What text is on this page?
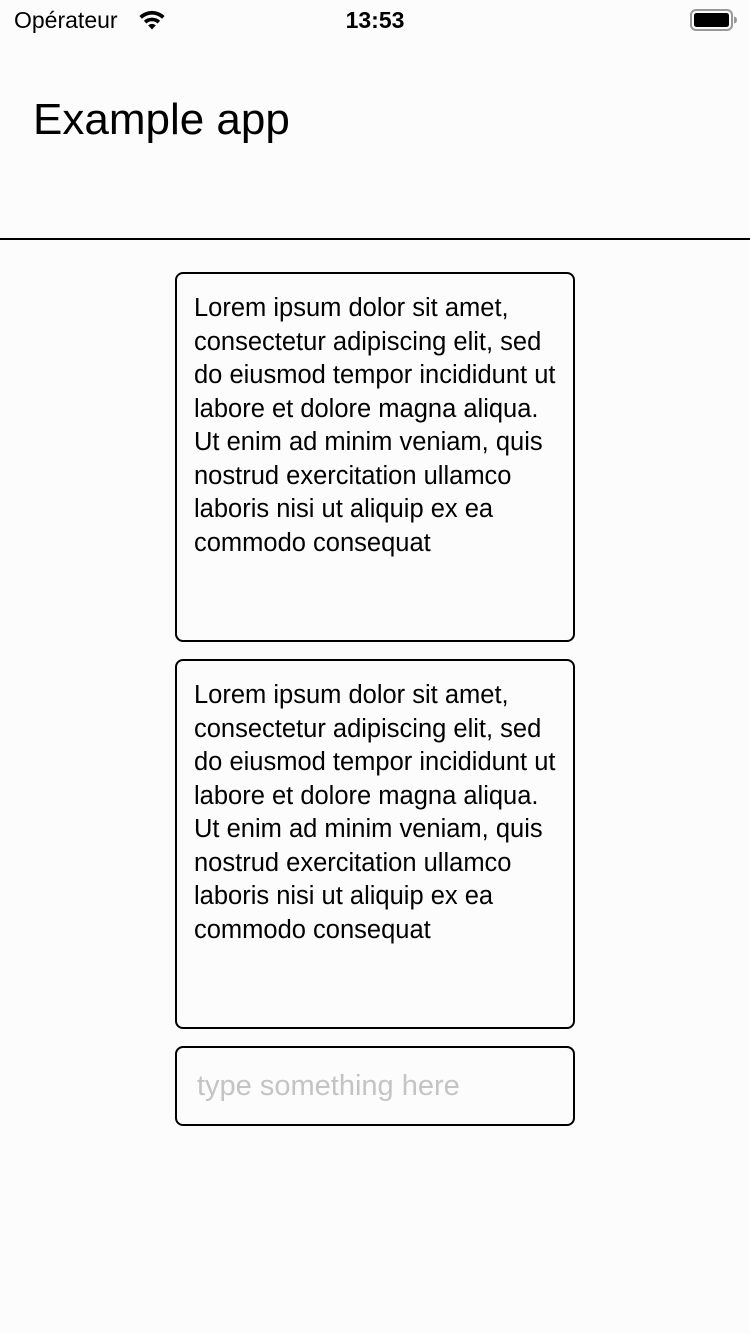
Opérateur	13:53
Example app
Lorem ipsum dolor sit amet, consectetur adipiscing elit, sed do eiusmod tempor incididunt ut labore et dolore magna aliqua. Ut enim ad minim veniam, quis nostrud exercitation ullamco laboris nisi ut aliquip ex ea commodo consequat
Lorem ipsum dolor sit amet, consectetur adipiscing elit, sed do eiusmod tempor incididunt ut labore et dolore magna aliqua. Ut enim ad minim veniam, quis nostrud exercitation ullamco laboris nisi ut aliquip ex ea commodo consequat
type something here
